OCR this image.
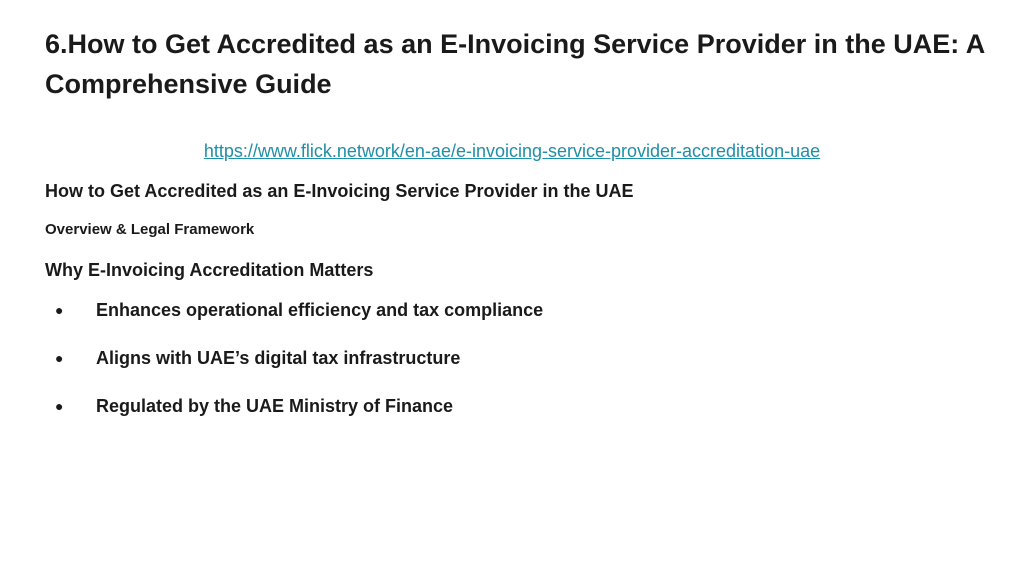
6.How to Get Accredited as an E-Invoicing Service Provider in the UAE: A Comprehensive Guide
https://www.flick.network/en-ae/e-invoicing-service-provider-accreditation-uae
How to Get Accredited as an E-Invoicing Service Provider in the UAE
Overview & Legal Framework
Why E-Invoicing Accreditation Matters
● Enhances operational efficiency and tax compliance
● Aligns with UAE’s digital tax infrastructure
● Regulated by the UAE Ministry of Finance
